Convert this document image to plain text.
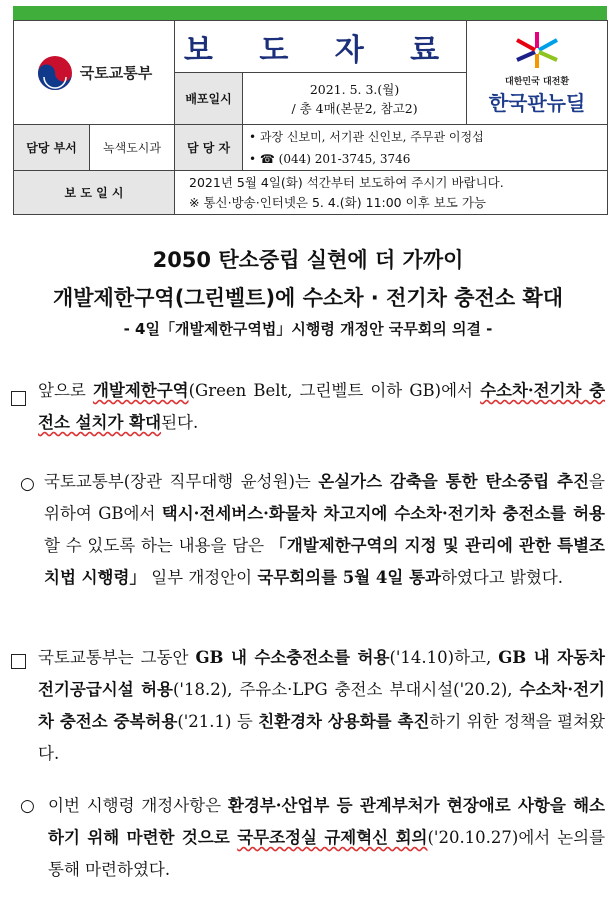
국토교통부		보 도 자 료		대한민국 대전환
한국판뉴딜

		배포일시	2021. 5. 3.(월)
/ 총 4매(본문2, 참고2)	

담당 부서	녹색도시과	담 당 자	• 과장 신보미, 서기관 신인보, 주무관 이정섭
• ☎ (044) 201-3745, 3746	

보 도 일 시		2021년 5월 4일(화) 석간부터 보도하여 주시기 바랍니다.
※ 통신·방송·인터넷은 5. 4.(화) 11:00 이후 보도 가능		
2050 탄소중립 실현에 더 가까이
개발제한구역(그린벨트)에 수소차 · 전기차 충전소 확대
- 4일「개발제한구역법」시행령 개정안 국무회의 의결 -

앞으로 개발제한구역(Green Belt, 그린벨트 이하 GB)에서 수소차·전기차 충전소 설치가 확대된다.

○ 국토교통부(장관 직무대행 윤성원)는 온실가스 감축을 통한 탄소중립 추진을 위하여 GB에서 택시·전세버스·화물차 차고지에 수소차·전기차 충전소를 허용할 수 있도록 하는 내용을 담은 「개발제한구역의 지정 및 관리에 관한 특별조치법 시행령」 일부 개정안이 국무회의를 5월 4일 통과하였다고 밝혔다.

국토교통부는 그동안 GB 내 수소충전소를 허용('14.10)하고, GB 내 자동차 전기공급시설 허용('18.2), 주유소·LPG 충전소 부대시설('20.2), 수소차·전기차 충전소 중복허용('21.1) 등 친환경차 상용화를 촉진하기 위한 정책을 펼쳐왔다.

○ 이번 시행령 개정사항은 환경부·산업부 등 관계부처가 현장애로 사항을 해소하기 위해 마련한 것으로 국무조정실 규제혁신 회의('20.10.27)에서 논의를 통해 마련하였다.
